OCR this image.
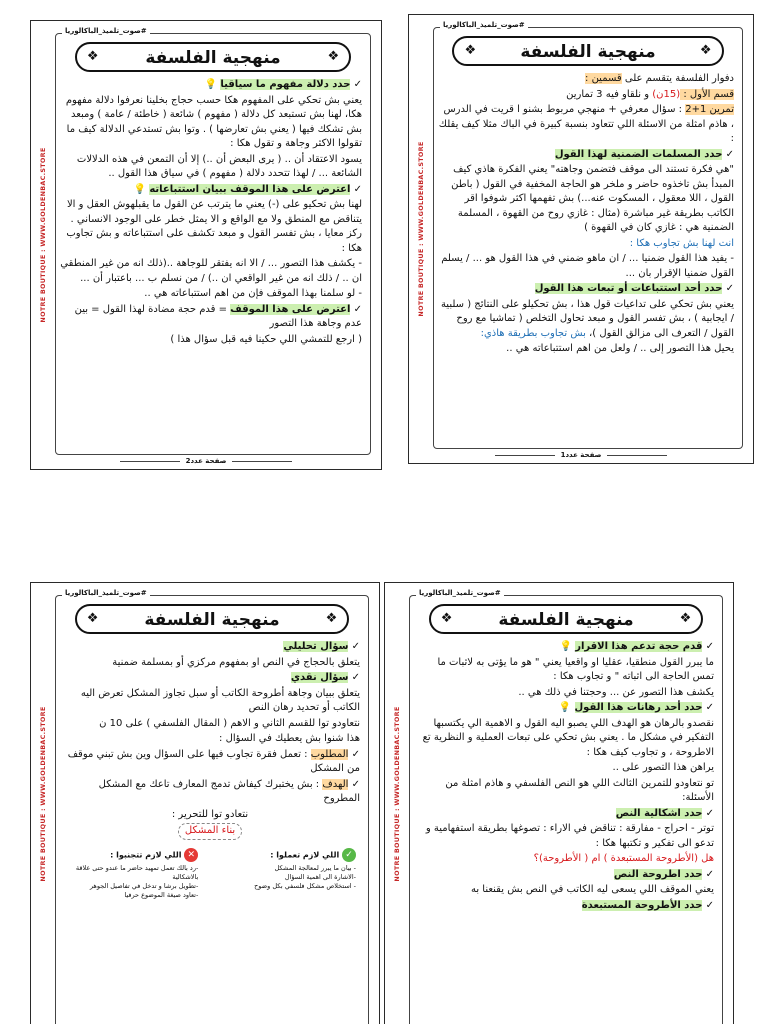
NOTRE BOUTIQUE : WWW.GOLDENBAC.STORE
#صوت_تلميذ_الباكالوريا
❖	منهجية الفلسفة	❖

دفوار الفلسفة يتقسم على قسمين :

قسم الأول : (15ن) و نلقاو فيه 3 تمارين

تمرين 1+2 : سؤال معرفي + منهجي مربوط بشنو ا قريت في الدرس ، هاذم امثلة من الاسئلة اللي تتعاود بنسبة كبيرة في الباك مثلا كيف يقلك :

✓ حدد المسلمات الضمنية لهذا القول

"هي فكرة تستند الى موقف فتضمن وجاهته" يعني الفكرة هاذي كيف المبدأ بش تاخذوه حاضر و ملخر هو الحاجة المخفية في القول ( باطن القول ، اللا معقول ، المسكوت عنه...) بش تفهمها اكثر شوفوا اقر الكاتب بطريقة غير مباشرة (مثال : غازي روح من القهوة ، المسلمة الضمنية هي : غازي كان في القهوة )

انت لهنا بش تجاوب هكا :

- يفيد هذا القول ضمنيا ... / ان ماهو ضمني في هذا القول هو ... / يسلم القول ضمنيا الإقرار بان ...

✓ حدد أحد استتباعات أو تبعات هذا القول

يعني بش تحكي على تداعيات قول هذا ، بش تحكيلو على النتائج ( سلبية / ايجابية ) ، بش تفسر القول و مبعد تحاول التخلص ( تماشيا مع روح القول / التعرف الى مزالق القول )، بش تجاوب بطريقة هاذي:

يحيل هذا التصور إلى .. / ولعل من اهم استتباعاته هي ..

صفحة عدد1
NOTRE BOUTIQUE : WWW.GOLDENBAC.STORE
#صوت_تلميذ_الباكالوريا
❖	منهجية الفلسفة	❖

✓ حدد دلالة مفهوم ما سياقيا 💡

يعني بش تحكي على المفهوم هكا حسب حجاج بخلينا نعرفوا دلالة مفهوم هكا، لهنا بش تستبعد كل دلالة ( مفهوم ) شائعة ( خاطئة / عامة ) ومبعد بش تشكك فيها ( يعني بش تعارضها ) . وتوا بش تستدعي الدلالة كيف ما تقولوا الاكثر وجاهة و تقول هكا :

يسود الاعتقاد أن .. ( يرى البعض أن ..) إلا أن التمعن في هذه الدلالات الشائعة ... / لهذا تتحدد دلالة ( مفهوم ) في سياق هذا القول ..

✓ اعترض على هذا الموقف ببيان استتباعاته 💡

لهنا بش تحكيو على (-) يعني ما يترتب عن القول ما يقبلهوش العقل و الا يتناقض مع المنطق ولا مع الواقع و الا يمثل خطر على الوجود الانساني . ركز معايا ، بش تفسر القول و مبعد تكشف على استتباعاته و بش تجاوب هكا :

- يكشف هذا التصور ... / الا انه يفتقر للوجاهة ..(ذلك انه من غير المنطقي ان .. / ذلك انه من غير الواقعي ان ..) / من نسلم ب ... باعتبار أن ...

- لو سلمنا بهذا الموقف فإن من اهم استتباعاته هي ..

✓ اعترض على هذا الموقف = قدم حجة مضادة لهذا القول = بين عدم وجاهة هذا التصور

( ارجع للتمشي اللي حكينا فيه قبل سؤال هذا )

صفحة عدد2
NOTRE BOUTIQUE : WWW.GOLDENBAC.STORE
#صوت_تلميذ_الباكالوريا
❖	منهجية الفلسفة	❖

✓ قدم حجة تدعم هذا الاقرار 💡

ما يبرر القول منطقيا، عقليا او واقعيا يعني " هو ما يؤتى به لاثبات ما تمس الحاجة الى اثباته " و تجاوب هكا :

يكشف هذا التصور عن ... وحجتنا في ذلك هي ..

✓ حدد أحد رهانات هذا القول 💡

نقصدو بالرهان هو الهدف اللي يصبو اليه القول و الاهمية الي يكتسبها التفكير في مشكل ما . يعني بش تحكي على تبعات العملية و النظرية تع الاطروحة ، و تجاوب كيف هكا :

يراهن هذا التصور على ..

تو نتعاودو للتمرين الثالث اللي هو النص الفلسفي و هاذم امثلة من الأسئلة:

✓ حدد اشكالية النص

توتر - احراج - مفارقة : تناقض في الاراء : تصوغها بطريقة استفهامية و تدعو الى تفكير و تكتبها هكا :

هل (الأطروحة المستبعدة ) ام ( الأطروحة)؟

✓ حدد اطروحة النص

يعني الموقف اللي يسعى ليه الكاتب في النص بش يقنعنا به

✓ حدد الأطروحة المستبعدة

NOTRE BOUTIQUE : WWW.GOLDENBAC.STORE
#صوت_تلميذ_الباكالوريا
❖	منهجية الفلسفة	❖

✓ سؤال تحليلي

يتعلق بالحجاج في النص او بمفهوم مركزي أو بمسلمة ضمنية

✓ سؤال نقدي

يتعلق ببيان وجاهة أطروحة الكاتب أو سبل تجاوز المشكل تعرض اليه الكاتب أو تحديد رهان النص

نتعاودو توا للقسم الثاني و الاهم ( المقال الفلسفي ) على 10 ن

هذا شنوا بش يعطيك في السؤال :

✓ المطلوب : تعمل فقرة تجاوب فيها على السؤال وين بش تبني موقف من المشكل

✓ الهدف : بش يختبرك كيفاش تدمج المعارف تاعك مع المشكل المطروح

نتعادو توا للتحرير :

بناء المشكل

✓ اللي لازم تعملوا :
- بيان ما يبرر لمعالجة المشكل
-الاشارة الى اهمية السؤال
- استخلاص مشكل فلسفي بكل وضوح
✕ اللي لازم تتجنبوا :
-رد بالك تعمل تمهيد حاضر ما عندو حتى علاقة بالاشكالية
-تطويل برشا و تدخل في تفاصيل الجوهر
-تعاود صيغة الموضوع حرفيا
